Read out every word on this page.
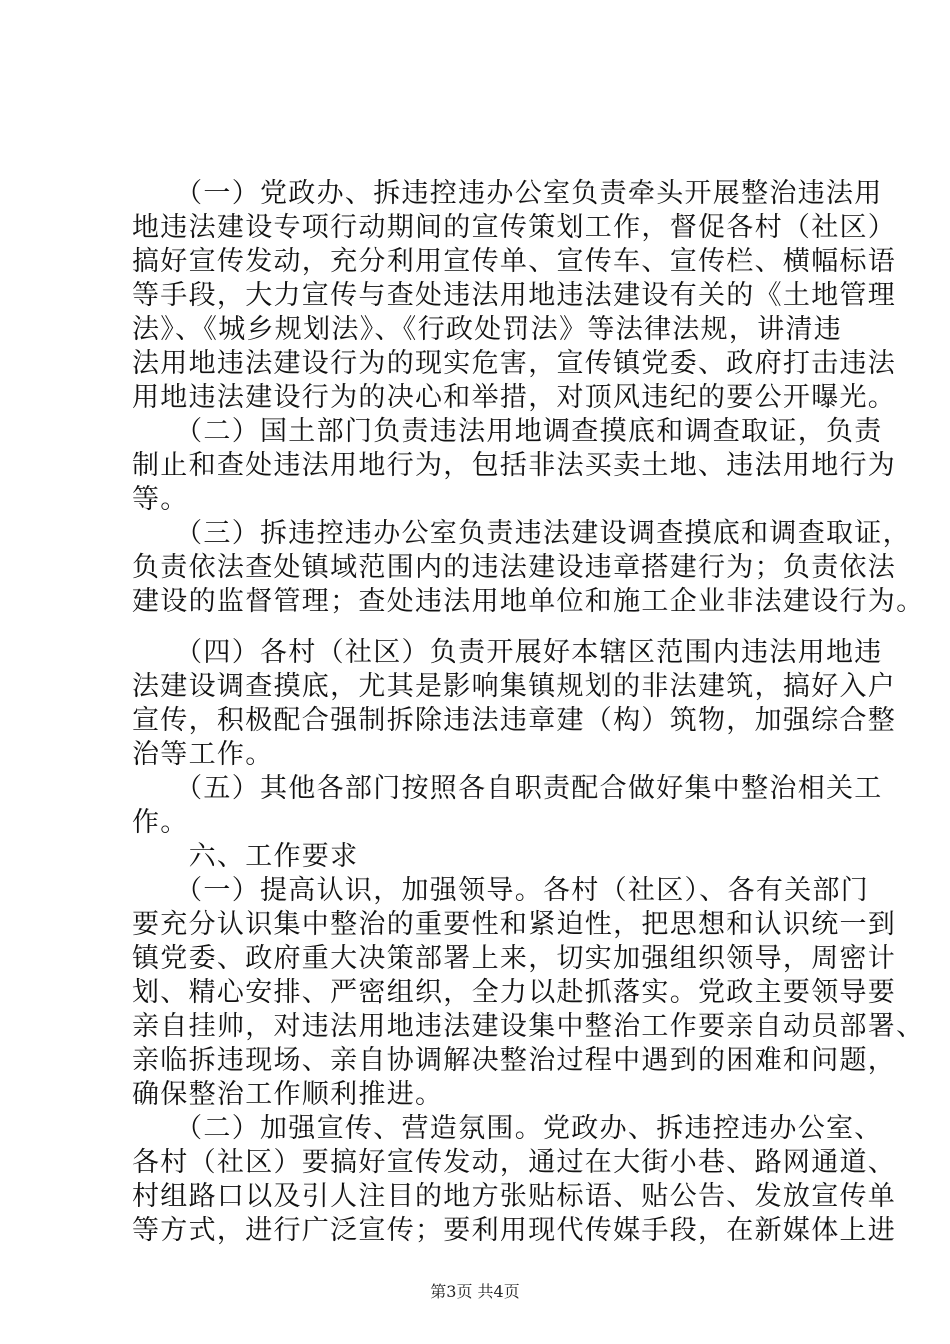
　　（一）党政办、拆违控违办公室负责牵头开展整治违法用
地违法建设专项行动期间的宣传策划工作，督促各村（社区）
搞好宣传发动，充分利用宣传单、宣传车、宣传栏、横幅标语
等手段，大力宣传与查处违法用地违法建设有关的《土地管理
法》、《城乡规划法》、《行政处罚法》等法律法规，讲清违
法用地违法建设行为的现实危害，宣传镇党委、政府打击违法
用地违法建设行为的决心和举措，对顶风违纪的要公开曝光。
　　（二）国土部门负责违法用地调查摸底和调查取证，负责
制止和查处违法用地行为，包括非法买卖土地、违法用地行为
等。
　　（三）拆违控违办公室负责违法建设调查摸底和调查取证，
负责依法查处镇域范围内的违法建设违章搭建行为；负责依法
建设的监督管理；查处违法用地单位和施工企业非法建设行为。
　　（四）各村（社区）负责开展好本辖区范围内违法用地违
法建设调查摸底，尤其是影响集镇规划的非法建筑，搞好入户
宣传，积极配合强制拆除违法违章建（构）筑物，加强综合整
治等工作。
　　（五）其他各部门按照各自职责配合做好集中整治相关工
作。
　　六、工作要求
　　（一）提高认识，加强领导。各村（社区）、各有关部门
要充分认识集中整治的重要性和紧迫性，把思想和认识统一到
镇党委、政府重大决策部署上来，切实加强组织领导，周密计
划、精心安排、严密组织，全力以赴抓落实。党政主要领导要
亲自挂帅，对违法用地违法建设集中整治工作要亲自动员部署、
亲临拆违现场、亲自协调解决整治过程中遇到的困难和问题，
确保整治工作顺利推进。
　　（二）加强宣传、营造氛围。党政办、拆违控违办公室、
各村（社区）要搞好宣传发动，通过在大街小巷、路网通道、
村组路口以及引人注目的地方张贴标语、贴公告、发放宣传单
等方式，进行广泛宣传；要利用现代传媒手段，在新媒体上进
第3页 共4页
